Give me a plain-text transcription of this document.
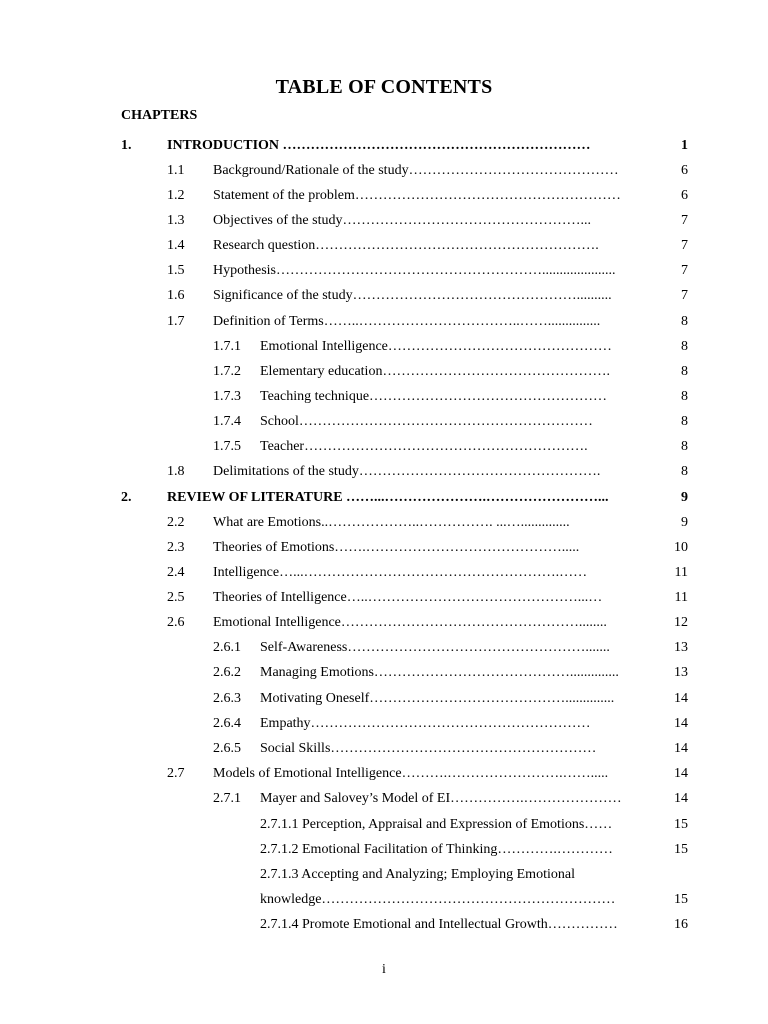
TABLE OF CONTENTS
CHAPTERS
1.	INTRODUCTION …………………………………………………………	1
1.1 Background/Rationale of the study………………………………………	6
1.2 Statement of the problem…………………………………………………	6
1.3 Objectives of the study……………………………………………...	7
1.4 Research question…………………………………………………….	7
1.5 Hypothesis………………………………………………….....................	7
1.6 Significance of the study…………………………………………..........	7
1.7 Definition of Terms……..……………………………..……...............	8
1.7.1 Emotional Intelligence…………………………………………	8
1.7.2 Elementary education………………………………………….	8
1.7.3 Teaching technique……………………………………………	8
1.7.4 School………………………………………………………	8
1.7.5 Teacher…………………………………………………….	8
1.8 Delimitations of the study…………………………………………….	8
2.	REVIEW OF LITERATURE ……...………………….……………………...	9
2.2 What are Emotions..………………..……………. ...…..............	9
2.3 Theories of Emotions…….…………………………………….....	10
2.4 Intelligence…...……………………………………………….……	11
2.5 Theories of Intelligence…..………………………………………...…	11
2.6 Emotional Intelligence……………………………………………........	12
2.6.1 Self-Awareness…………………………………………….......	13
2.6.2 Managing Emotions……………………………………..............	13
2.6.3 Motivating Oneself……………………………………..............	14
2.6.4 Empathy……………………………………………………	14
2.6.5 Social Skills…………………………………………………	14
2.7 Models of Emotional Intelligence……….…………………….…….....	14
2.7.1 Mayer and Salovey’s Model of EI…………….…………………	14
2.7.1.1 Perception, Appraisal and Expression of Emotions……	15
2.7.1.2 Emotional Facilitation of Thinking………….…………	15
2.7.1.3 Accepting and Analyzing; Employing Emotional
knowledge………………………………………………………	15
2.7.1.4 Promote Emotional and Intellectual Growth……………	16
i
